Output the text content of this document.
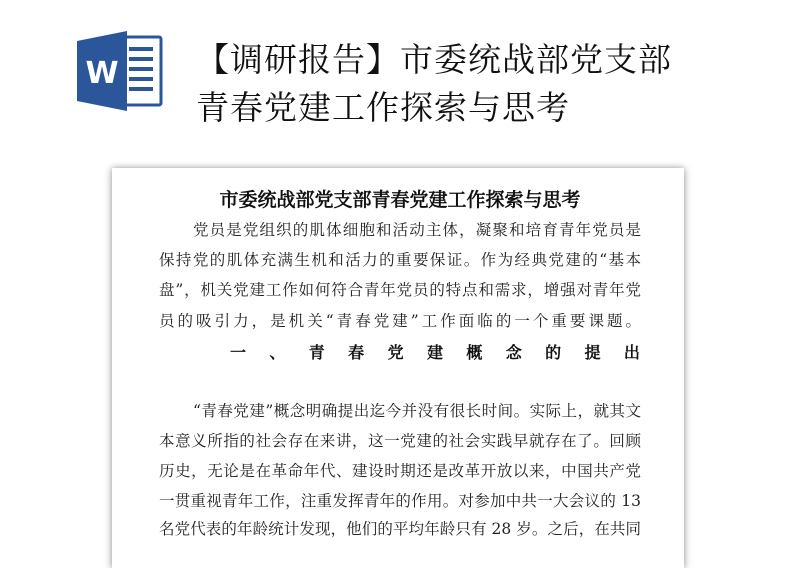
W 【调研报告】市委统战部党支部
青春党建工作探索与思考
市委统战部党支部青春党建工作探索与思考
党员是党组织的肌体细胞和活动主体，凝聚和培育青年党员是
保持党的肌体充满生机和活力的重要保证。作为经典党建的“基本
盘”，机关党建工作如何符合青年党员的特点和需求，增强对青年党
员的吸引力，是机关“青春党建”工作面临的一个重要课题。
一 、 青 春 党 建 概 念 的 提 出
“青春党建”概念明确提出迄今并没有很长时间。实际上，就其文
本意义所指的社会存在来讲，这一党建的社会实践早就存在了。回顾
历史，无论是在革命年代、建设时期还是改革开放以来，中国共产党
一贯重视青年工作，注重发挥青年的作用。对参加中共一大会议的 13
名党代表的年龄统计发现，他们的平均年龄只有 28 岁。之后，在共同
